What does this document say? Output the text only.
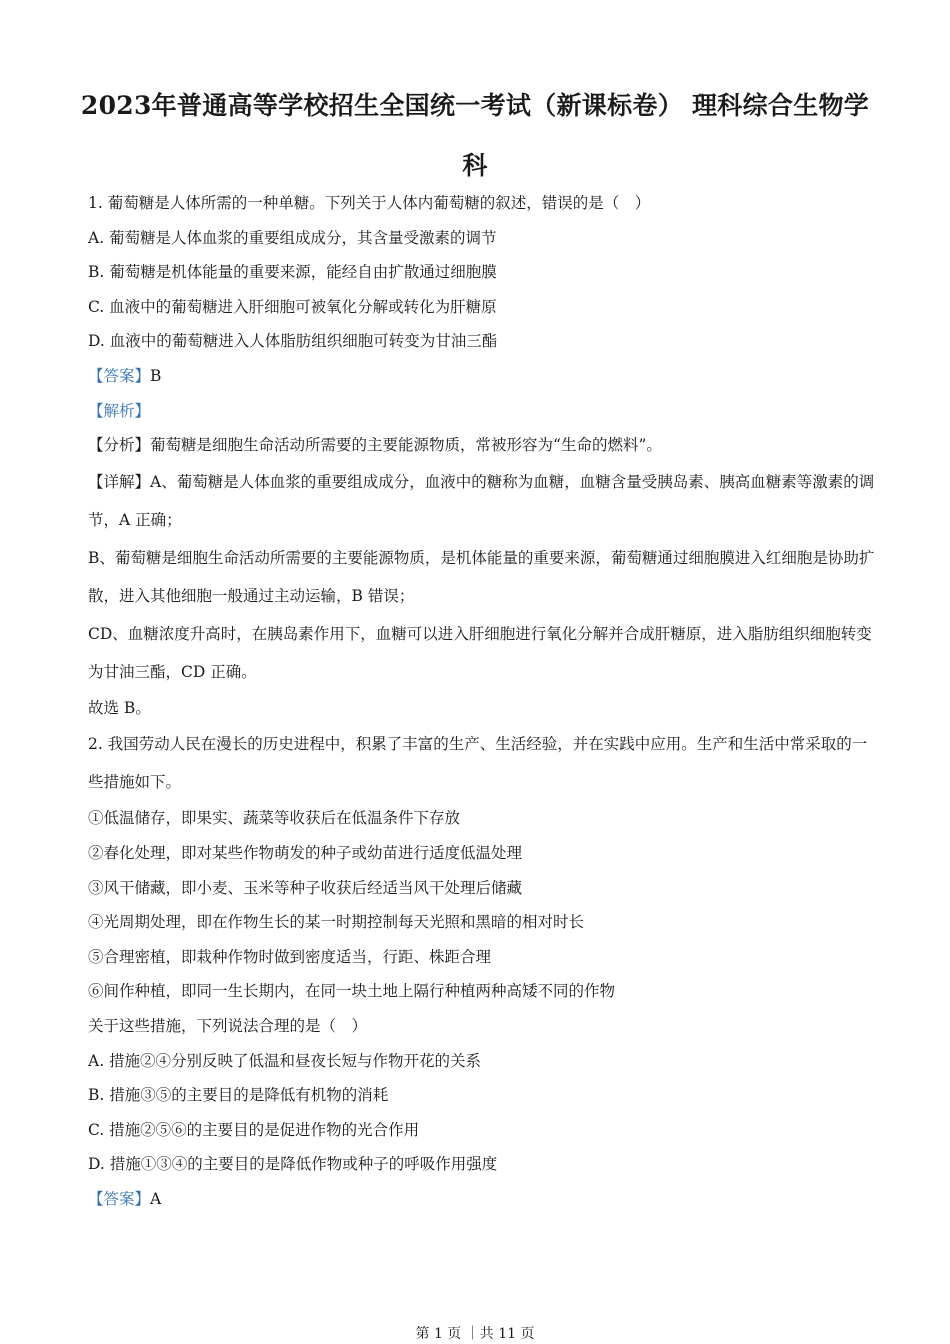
2023年普通高等学校招生全国统一考试（新课标卷） 理科综合生物学科
1. 葡萄糖是人体所需的一种单糖。下列关于人体内葡萄糖的叙述，错误的是（　）
A. 葡萄糖是人体血浆的重要组成成分，其含量受激素的调节
B. 葡萄糖是机体能量的重要来源，能经自由扩散通过细胞膜
C. 血液中的葡萄糖进入肝细胞可被氧化分解或转化为肝糖原
D. 血液中的葡萄糖进入人体脂肪组织细胞可转变为甘油三酯
【答案】B
【解析】
【分析】葡萄糖是细胞生命活动所需要的主要能源物质，常被形容为“生命的燃料”。
【详解】A、葡萄糖是人体血浆的重要组成成分，血液中的糖称为血糖，血糖含量受胰岛素、胰高血糖素等激素的调节，A 正确；
B、葡萄糖是细胞生命活动所需要的主要能源物质，是机体能量的重要来源，葡萄糖通过细胞膜进入红细胞是协助扩散，进入其他细胞一般通过主动运输，B 错误；
CD、血糖浓度升高时，在胰岛素作用下，血糖可以进入肝细胞进行氧化分解并合成肝糖原，进入脂肪组织细胞转变为甘油三酯，CD 正确。
故选 B。
2. 我国劳动人民在漫长的历史进程中，积累了丰富的生产、生活经验，并在实践中应用。生产和生活中常采取的一些措施如下。
①低温储存，即果实、蔬菜等收获后在低温条件下存放
②春化处理，即对某些作物萌发的种子或幼苗进行适度低温处理
③风干储藏，即小麦、玉米等种子收获后经适当风干处理后储藏
④光周期处理，即在作物生长的某一时期控制每天光照和黑暗的相对时长
⑤合理密植，即栽种作物时做到密度适当，行距、株距合理
⑥间作种植，即同一生长期内，在同一块土地上隔行种植两种高矮不同的作物
关于这些措施，下列说法合理的是（　）
A. 措施②④分别反映了低温和昼夜长短与作物开花的关系
B. 措施③⑤的主要目的是降低有机物的消耗
C. 措施②⑤⑥的主要目的是促进作物的光合作用
D. 措施①③④的主要目的是降低作物或种子的呼吸作用强度
【答案】A
第 1 页 ｜共 11 页
